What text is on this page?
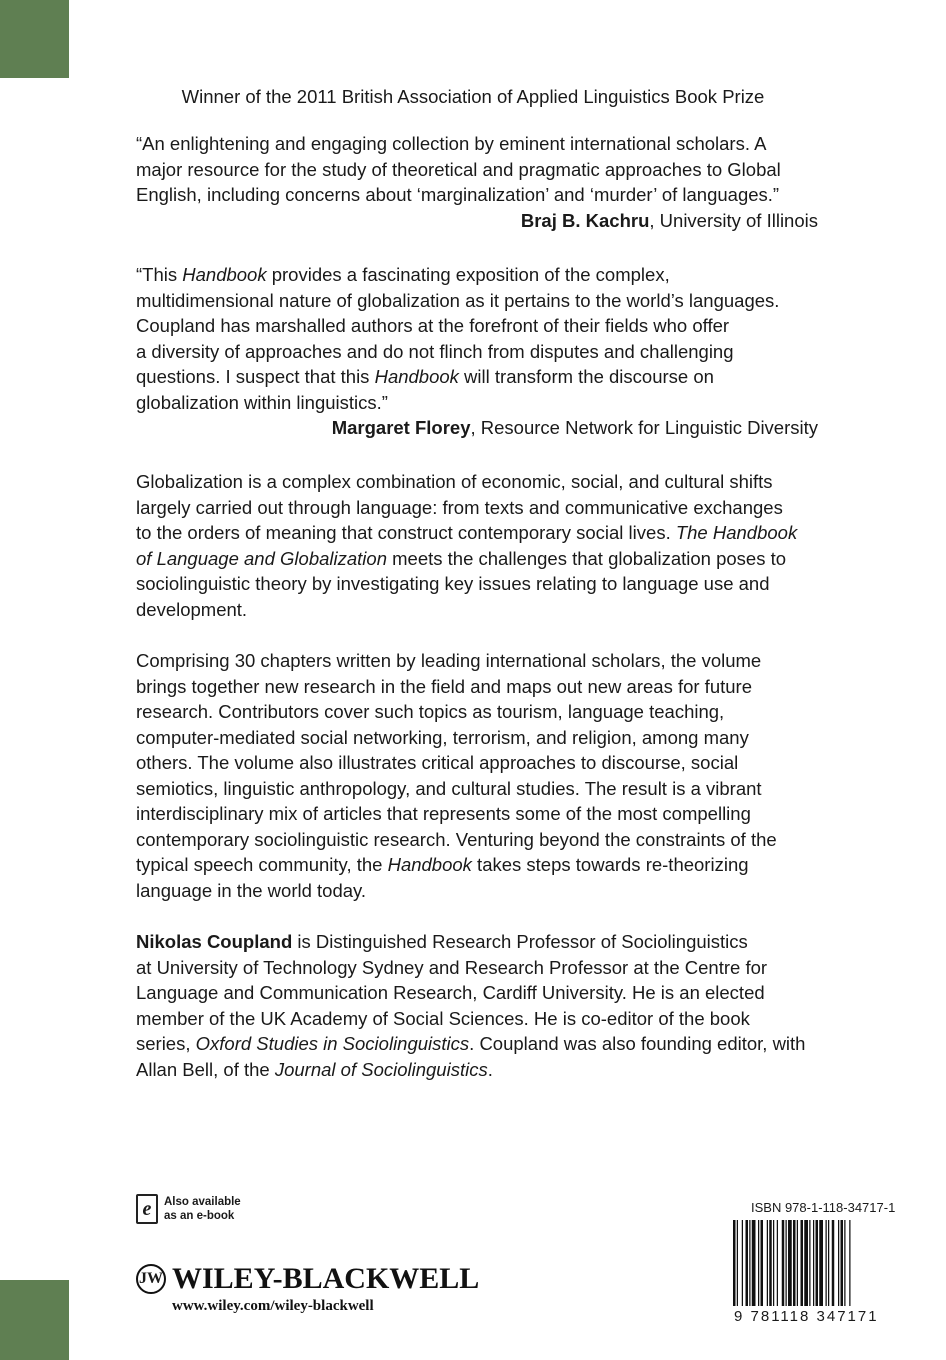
Winner of the 2011 British Association of Applied Linguistics Book Prize
“An enlightening and engaging collection by eminent international scholars. A
major resource for the study of theoretical and pragmatic approaches to Global
English, including concerns about ‘marginalization’ and ‘murder’ of languages.”
Braj B. Kachru, University of Illinois
“This Handbook provides a fascinating exposition of the complex,
multidimensional nature of globalization as it pertains to the world’s languages.
Coupland has marshalled authors at the forefront of their fields who offer
a diversity of approaches and do not flinch from disputes and challenging
questions. I suspect that this Handbook will transform the discourse on
globalization within linguistics.”
Margaret Florey, Resource Network for Linguistic Diversity
Globalization is a complex combination of economic, social, and cultural shifts
largely carried out through language: from texts and communicative exchanges
to the orders of meaning that construct contemporary social lives. The Handbook
of Language and Globalization meets the challenges that globalization poses to
sociolinguistic theory by investigating key issues relating to language use and
development.
Comprising 30 chapters written by leading international scholars, the volume
brings together new research in the field and maps out new areas for future
research. Contributors cover such topics as tourism, language teaching,
computer-mediated social networking, terrorism, and religion, among many
others. The volume also illustrates critical approaches to discourse, social
semiotics, linguistic anthropology, and cultural studies. The result is a vibrant
interdisciplinary mix of articles that represents some of the most compelling
contemporary sociolinguistic research. Venturing beyond the constraints of the
typical speech community, the Handbook takes steps towards re-theorizing
language in the world today.
Nikolas Coupland is Distinguished Research Professor of Sociolinguistics
at University of Technology Sydney and Research Professor at the Centre for
Language and Communication Research, Cardiff University. He is an elected
member of the UK Academy of Social Sciences. He is co-editor of the book
series, Oxford Studies in Sociolinguistics. Coupland was also founding editor, with
Allan Bell, of the Journal of Sociolinguistics.
e	Also available
as an e-book
JW WILEY-BLACKWELL
www.wiley.com/wiley-blackwell
ISBN 978-1-118-34717-1
9 781118 347171
